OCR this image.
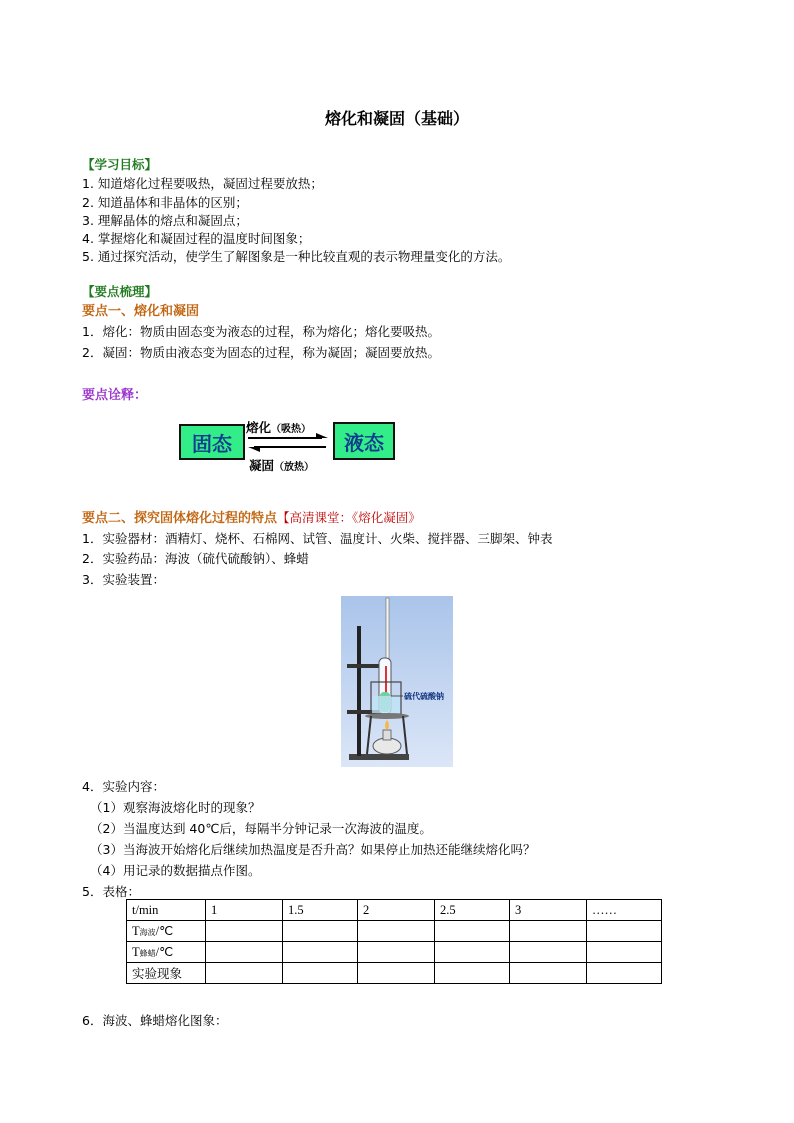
熔化和凝固（基础）
【学习目标】
1. 知道熔化过程要吸热，凝固过程要放热；
2. 知道晶体和非晶体的区别；
3. 理解晶体的熔点和凝固点；
4. 掌握熔化和凝固过程的温度时间图象；
5. 通过探究活动，使学生了解图象是一种比较直观的表示物理量变化的方法。
【要点梳理】
要点一、熔化和凝固
1．熔化：物质由固态变为液态的过程，称为熔化；熔化要吸热。
2．凝固：物质由液态变为固态的过程，称为凝固；凝固要放热。
要点诠释：
固态	液态
熔化（吸热）
凝固（放热）
要点二、探究固体熔化过程的特点【高清课堂：《熔化凝固》
1．实验器材：酒精灯、烧杯、石棉网、试管、温度计、火柴、搅拌器、三脚架、钟表
2．实验药品：海波（硫代硫酸钠）、蜂蜡
3．实验装置：
硫代硫酸钠
4．实验内容：
（1）观察海波熔化时的现象？
（2）当温度达到 40℃后，每隔半分钟记录一次海波的温度。
（3）当海波开始熔化后继续加热温度是否升高？如果停止加热还能继续熔化吗？
（4）用记录的数据描点作图。
5．表格：
t/min	1	1.5	2	2.5	3	……
T海波/℃						
T蜂蜡/℃						
实验现象						
6．海波、蜂蜡熔化图象：
